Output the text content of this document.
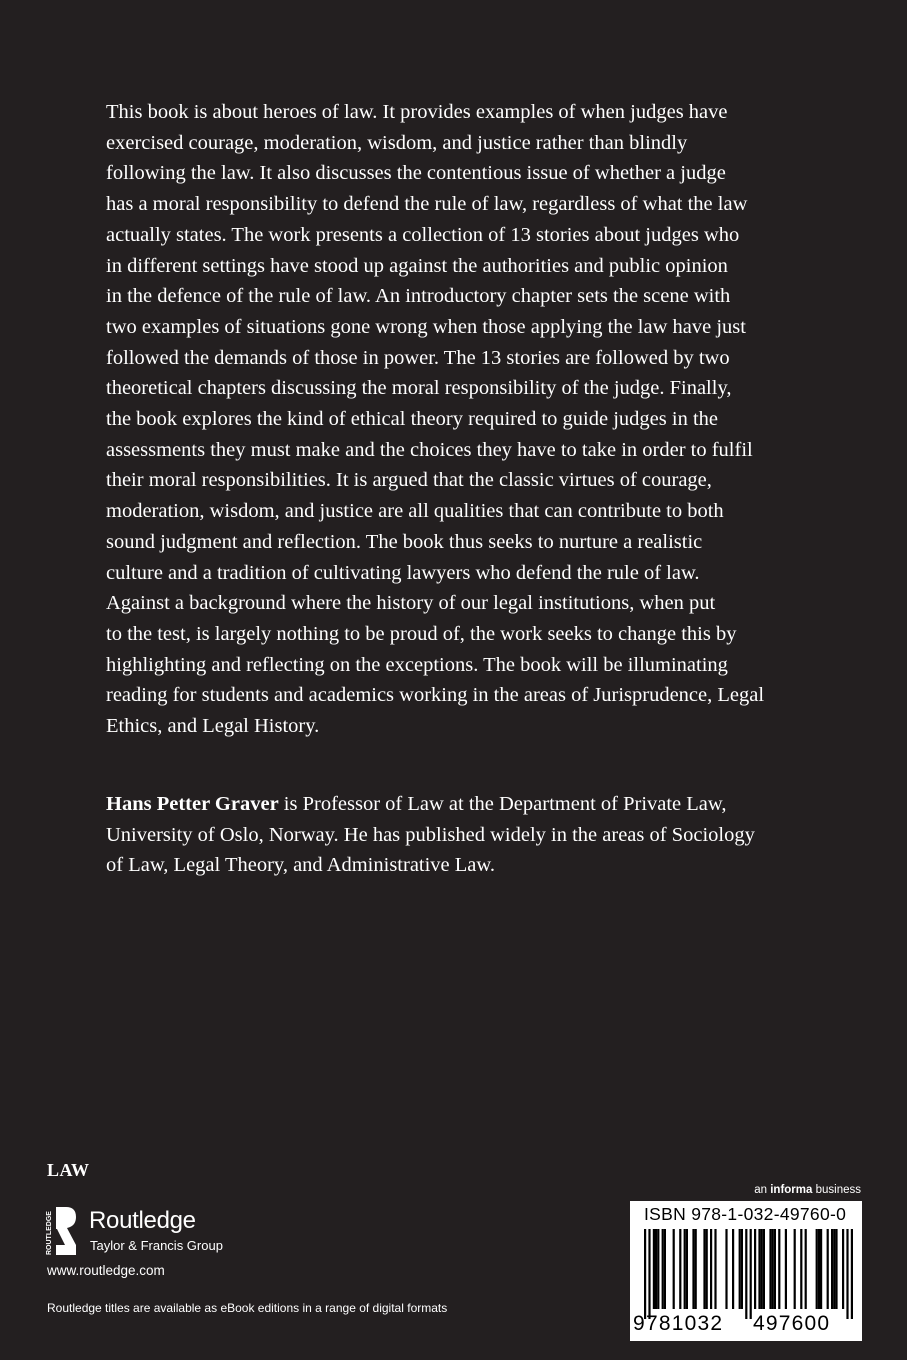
This book is about heroes of law. It provides examples of when judges have
exercised courage, moderation, wisdom, and justice rather than blindly
following the law. It also discusses the contentious issue of whether a judge
has a moral responsibility to defend the rule of law, regardless of what the law
actually states. The work presents a collection of 13 stories about judges who
in different settings have stood up against the authorities and public opinion
in the defence of the rule of law. An introductory chapter sets the scene with
two examples of situations gone wrong when those applying the law have just
followed the demands of those in power. The 13 stories are followed by two
theoretical chapters discussing the moral responsibility of the judge. Finally,
the book explores the kind of ethical theory required to guide judges in the
assessments they must make and the choices they have to take in order to fulfil
their moral responsibilities. It is argued that the classic virtues of courage,
moderation, wisdom, and justice are all qualities that can contribute to both
sound judgment and reflection. The book thus seeks to nurture a realistic
culture and a tradition of cultivating lawyers who defend the rule of law.
Against a background where the history of our legal institutions, when put
to the test, is largely nothing to be proud of, the work seeks to change this by
highlighting and reflecting on the exceptions. The book will be illuminating
reading for students and academics working in the areas of Jurisprudence, Legal
Ethics, and Legal History.
Hans Petter Graver is Professor of Law at the Department of Private Law,
University of Oslo, Norway. He has published widely in the areas of Sociology
of Law, Legal Theory, and Administrative Law.
LAW
ROUTLEDGE Routledge
Taylor & Francis Group
www.routledge.com
Routledge titles are available as eBook editions in a range of digital formats
an informa business
ISBN 978-1-032-49760-0
9 781032 497600
